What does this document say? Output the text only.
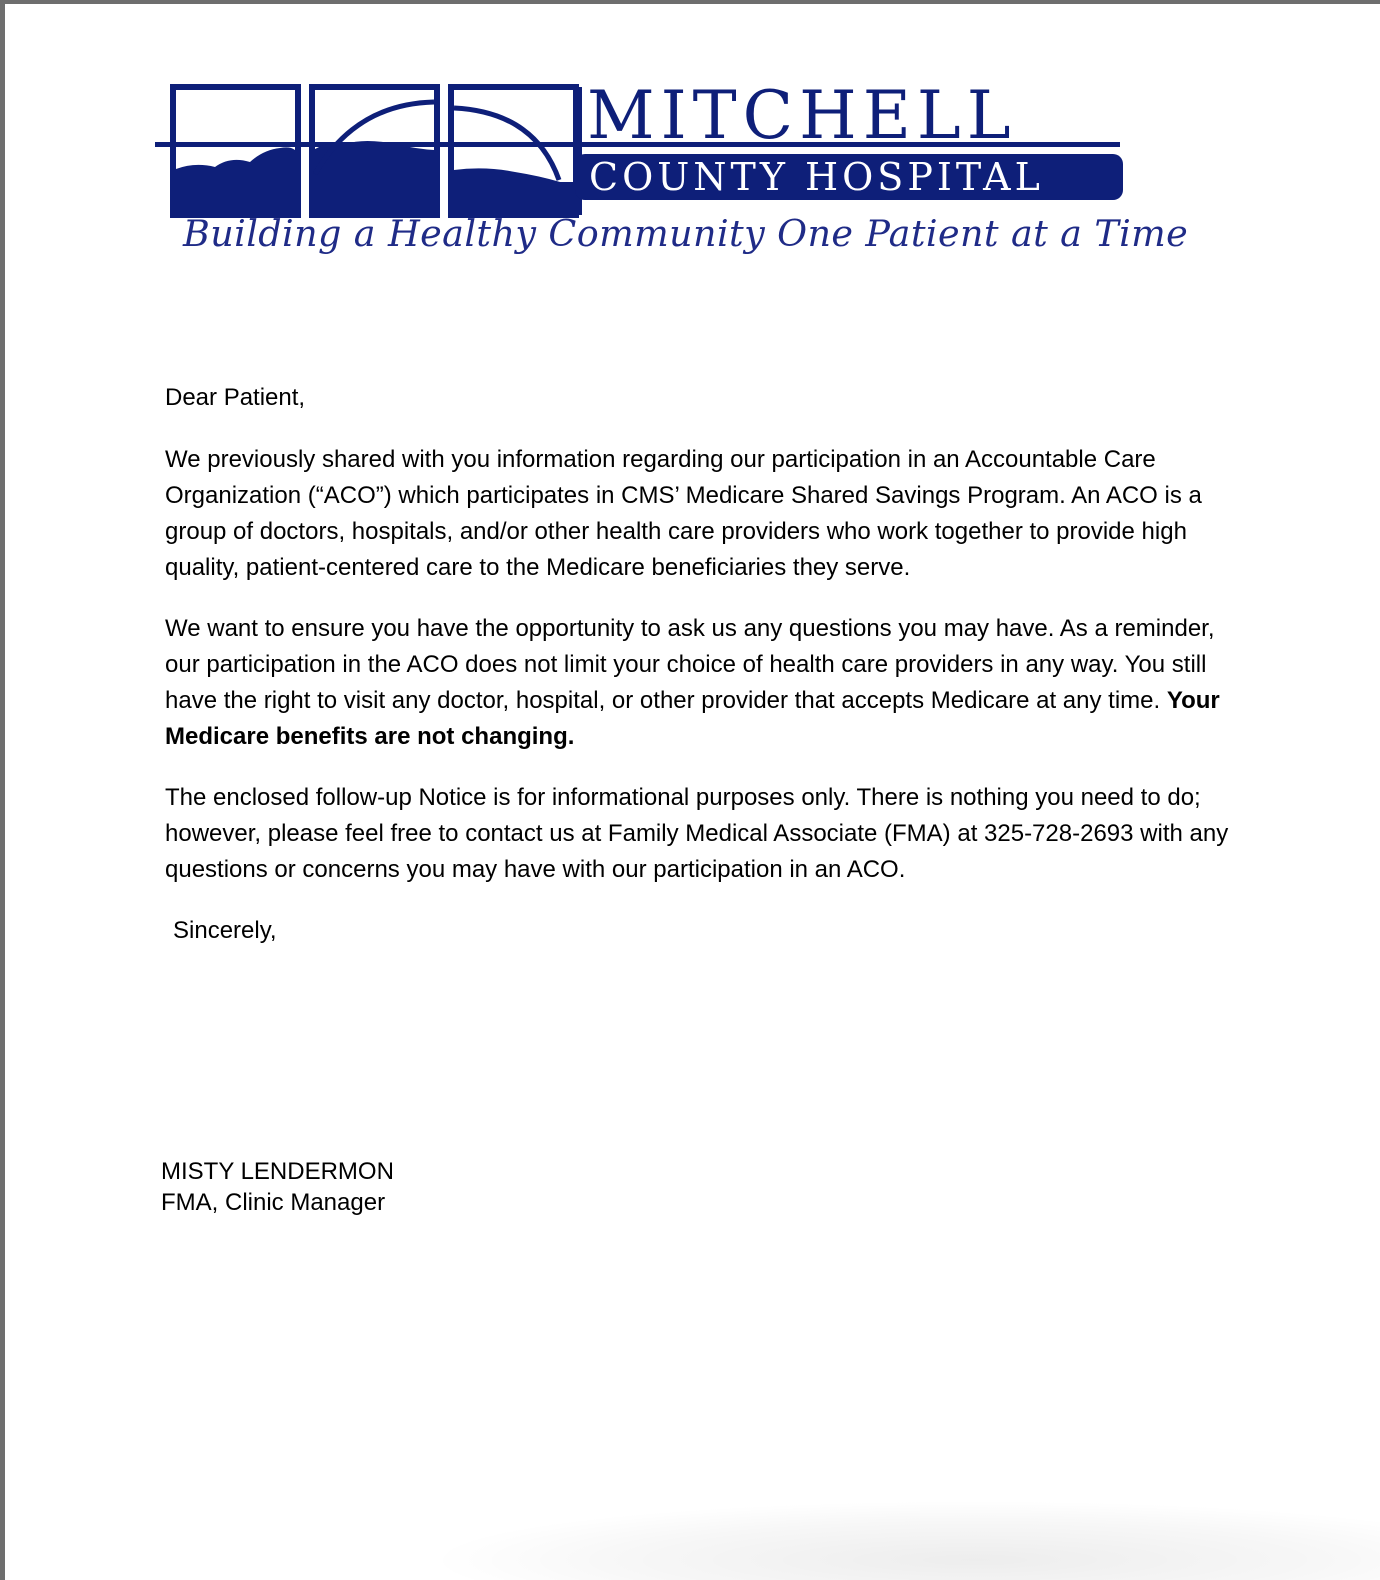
MITCHELL
COUNTY HOSPITAL
Building a Healthy Community One Patient at a Time

Dear Patient,

We previously shared with you information regarding our participation in an Accountable Care Organization (“ACO”) which participates in CMS’ Medicare Shared Savings Program. An ACO is a group of doctors, hospitals, and/or other health care providers who work together to provide high quality, patient-centered care to the Medicare beneficiaries they serve.

We want to ensure you have the opportunity to ask us any questions you may have. As a reminder, our participation in the ACO does not limit your choice of health care providers in any way. You still have the right to visit any doctor, hospital, or other provider that accepts Medicare at any time. Your Medicare benefits are not changing.

The enclosed follow-up Notice is for informational purposes only. There is nothing you need to do; however, please feel free to contact us at Family Medical Associate (FMA) at 325-728-2693 with any questions or concerns you may have with our participation in an ACO.

Sincerely,

MISTY LENDERMON
FMA, Clinic Manager
